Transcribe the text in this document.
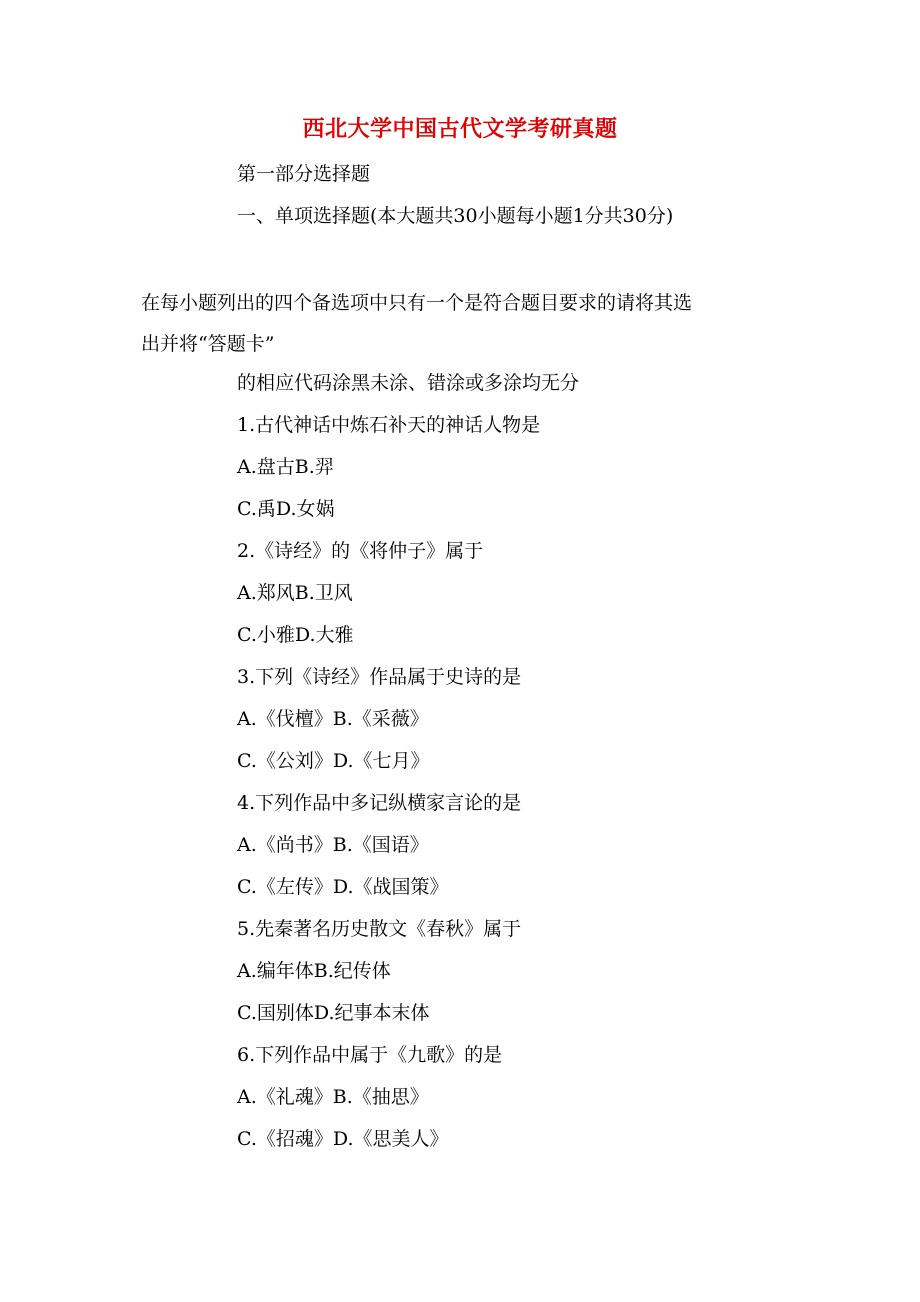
西北大学中国古代文学考研真题
第一部分选择题
一、单项选择题(本大题共30小题每小题1分共30分)
在每小题列出的四个备选项中只有一个是符合题目要求的请将其选
出并将“答题卡”
的相应代码涂黑未涂、错涂或多涂均无分
1.古代神话中炼石补天的神话人物是
A.盘古B.羿
C.禹D.女娲
2.《诗经》的《将仲子》属于
A.郑风B.卫风
C.小雅D.大雅
3.下列《诗经》作品属于史诗的是
A.《伐檀》B.《采薇》
C.《公刘》D.《七月》
4.下列作品中多记纵横家言论的是
A.《尚书》B.《国语》
C.《左传》D.《战国策》
5.先秦著名历史散文《春秋》属于
A.编年体B.纪传体
C.国别体D.纪事本末体
6.下列作品中属于《九歌》的是
A.《礼魂》B.《抽思》
C.《招魂》D.《思美人》
